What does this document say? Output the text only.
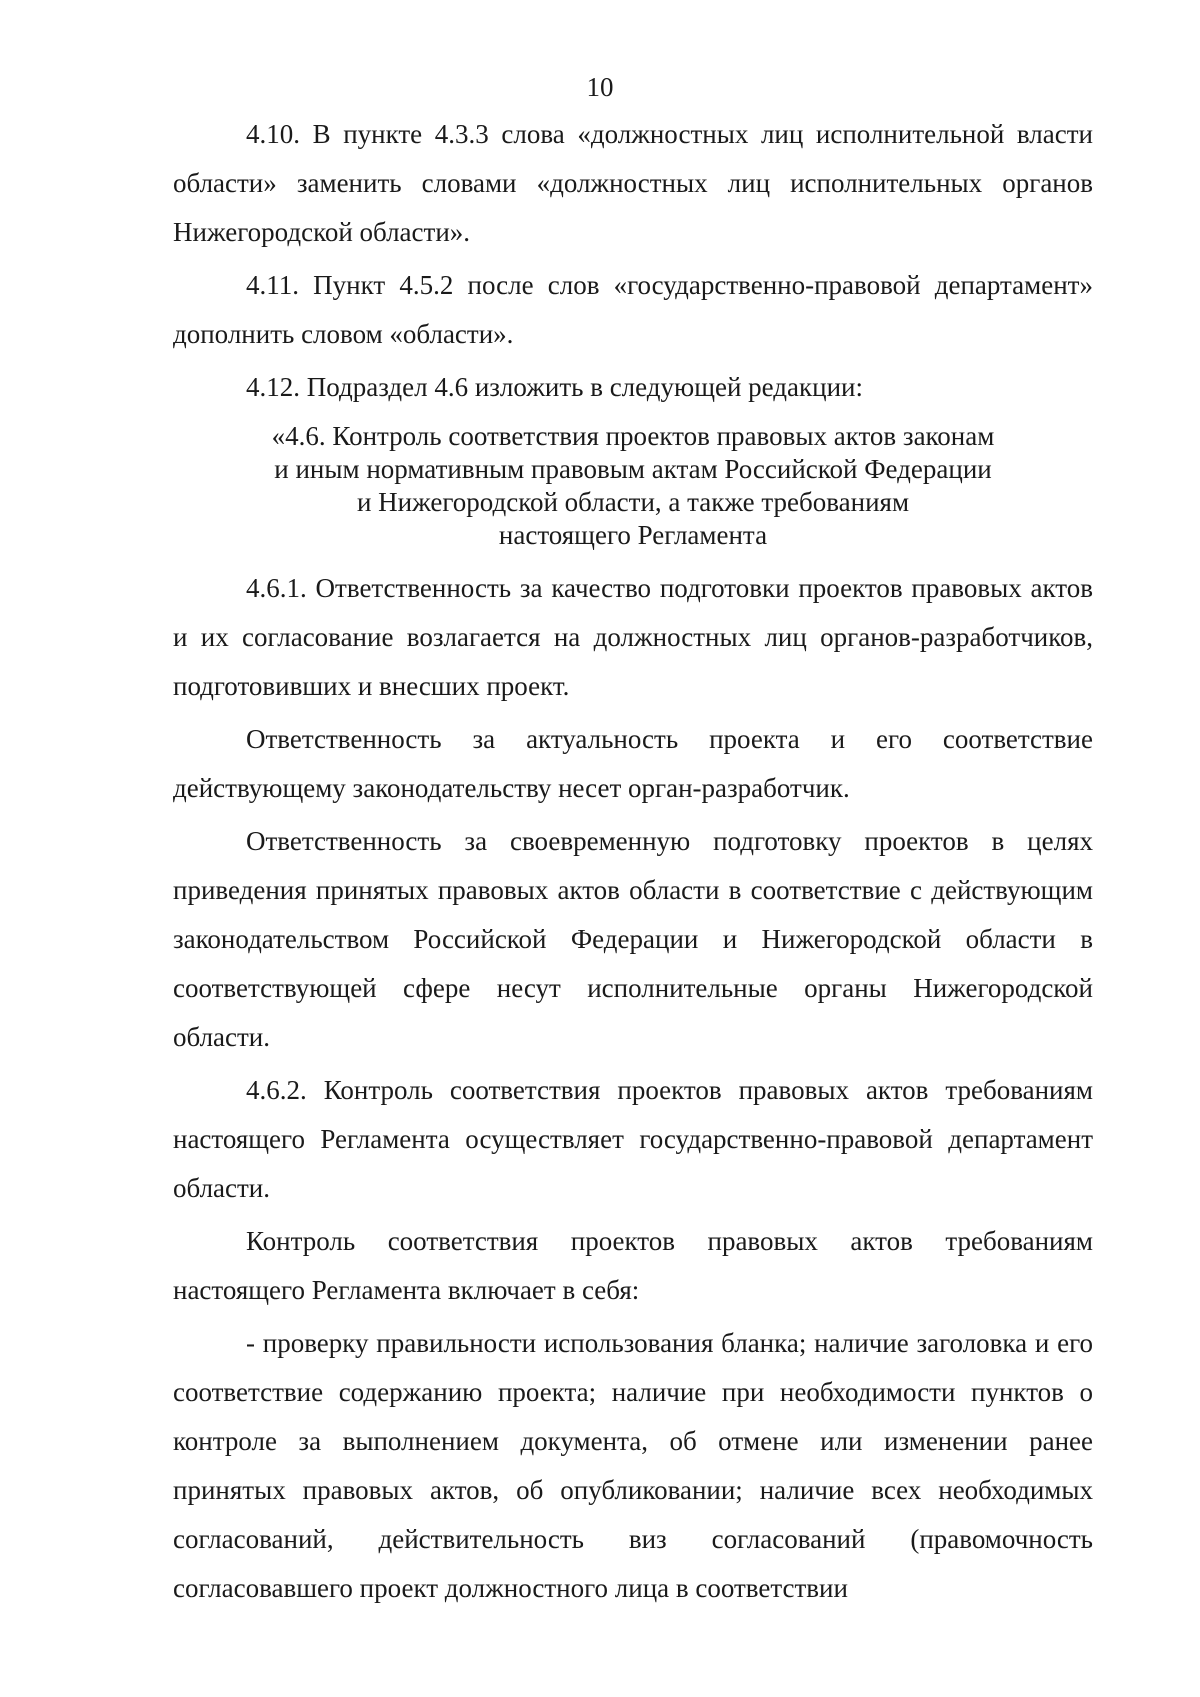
10

4.10. В пункте 4.3.3 слова «должностных лиц исполнительной власти области» заменить словами «должностных лиц исполнительных органов Нижегородской области».

4.11. Пункт 4.5.2 после слов «государственно-правовой департамент» дополнить словом «области».

4.12. Подраздел 4.6 изложить в следующей редакции:

«4.6. Контроль соответствия проектов правовых актов законам
и иным нормативным правовым актам Российской Федерации
и Нижегородской области, а также требованиям
настоящего Регламента

4.6.1. Ответственность за качество подготовки проектов правовых актов и их согласование возлагается на должностных лиц органов-разработчиков, подготовивших и внесших проект.

Ответственность за актуальность проекта и его соответствие действующему законодательству несет орган-разработчик.

Ответственность за своевременную подготовку проектов в целях приведения принятых правовых актов области в соответствие с действующим законодательством Российской Федерации и Нижегородской области в соответствующей сфере несут исполнительные органы Нижегородской области.

4.6.2. Контроль соответствия проектов правовых актов требованиям настоящего Регламента осуществляет государственно-правовой департамент области.

Контроль соответствия проектов правовых актов требованиям настоящего Регламента включает в себя:

- проверку правильности использования бланка; наличие заголовка и его соответствие содержанию проекта; наличие при необходимости пунктов о контроле за выполнением документа, об отмене или изменении ранее принятых правовых актов, об опубликовании; наличие всех необходимых согласований, действительность виз согласований (правомочность согласовавшего проект должностного лица в соответствии
